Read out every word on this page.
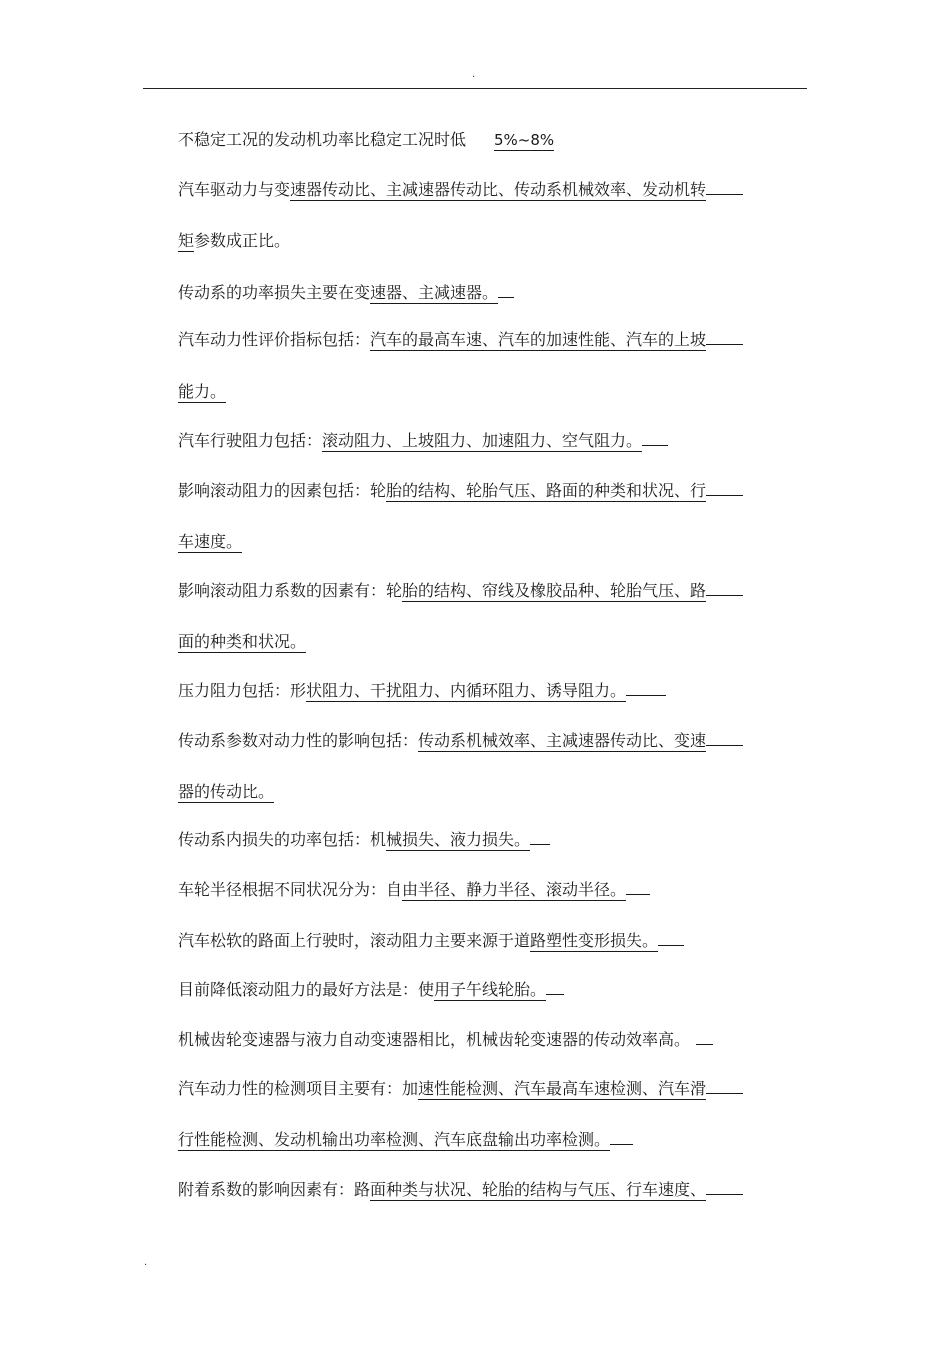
.
不稳定工况的发动机功率比稳定工况时低 5%~8%
汽车驱动力与变速器传动比、主减速器传动比、传动系机械效率、发动机转
矩参数成正比。
传动系的功率损失主要在变速器、主减速器。
汽车动力性评价指标包括：汽车的最高车速、汽车的加速性能、汽车的上坡
能力。
汽车行驶阻力包括：滚动阻力、上坡阻力、加速阻力、空气阻力。
影响滚动阻力的因素包括：轮胎的结构、轮胎气压、路面的种类和状况、行
车速度。
影响滚动阻力系数的因素有：轮胎的结构、帘线及橡胶品种、轮胎气压、路
面的种类和状况。
压力阻力包括：形状阻力、干扰阻力、内循环阻力、诱导阻力。
传动系参数对动力性的影响包括：传动系机械效率、主减速器传动比、变速
器的传动比。
传动系内损失的功率包括：机械损失、液力损失。
车轮半径根据不同状况分为：自由半径、静力半径、滚动半径。
汽车松软的路面上行驶时，滚动阻力主要来源于道路塑性变形损失。
目前降低滚动阻力的最好方法是：使用子午线轮胎。
机械齿轮变速器与液力自动变速器相比，机械齿轮变速器的传动效率高。
汽车动力性的检测项目主要有：加速性能检测、汽车最高车速检测、汽车滑
行性能检测、发动机输出功率检测、汽车底盘输出功率检测。
附着系数的影响因素有：路面种类与状况、轮胎的结构与气压、行车速度、
.
